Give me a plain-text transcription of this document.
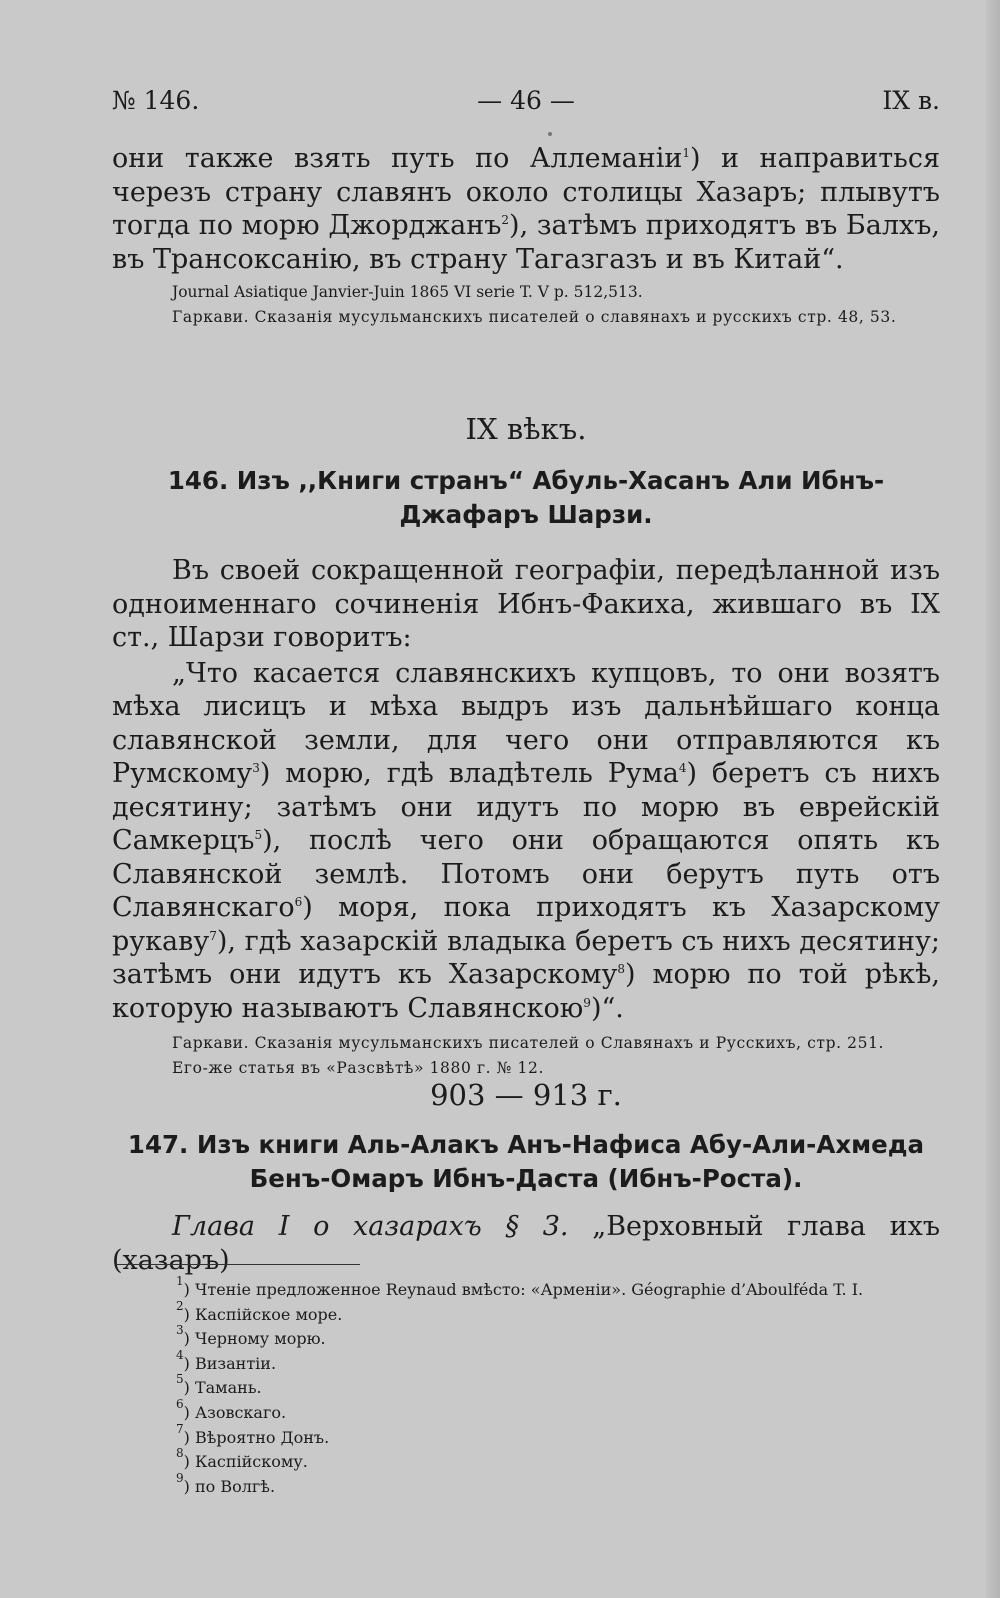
№ 146.	— 46 —	IX в.

они также взять путь по Аллеманіи$^1$) и направиться черезъ страну славянъ около столицы Хазаръ; плывутъ тогда по морю Джорджанъ$^2$), затѣмъ приходятъ въ Балхъ, въ Трансоксанію, въ страну Тагазгазъ и въ Китай“.

Journal Asiatique Janvier-Juin 1865 VI serie T. V p. 512,513.

Гаркави. Сказанія мусульманскихъ писателей о славянахъ и русскихъ стр. 48, 53.

IX вѣкъ.
146. Изъ ,,Книги странъ“ Абуль-Хасанъ Али Ибнъ-Джафаръ Шарзи.

Въ своей сокращенной географіи, передѣланной изъ одноименнаго сочиненія Ибнъ-Факиха, жившаго въ IX ст., Шарзи говоритъ:

„Что касается славянскихъ купцовъ, то они возятъ мѣха лисицъ и мѣха выдръ изъ дальнѣйшаго конца славянской земли, для чего они отправляются къ Румскому$^3$) морю, гдѣ владѣтель Рума$^4$) беретъ съ нихъ десятину; затѣмъ они идутъ по морю въ еврейскій Самкерцъ$^5$), послѣ чего они обращаются опять къ Славянской землѣ. Потомъ они берутъ путь отъ Славянскаго$^6$) моря, пока приходятъ къ Хазарскому рукаву$^7$), гдѣ хазарскій владыка беретъ съ нихъ десятину; затѣмъ они идутъ къ Хазарскому$^8$) морю по той рѣкѣ, которую называютъ Славянскою$^9$)“.

Гаркави. Сказанія мусульманскихъ писателей о Славянахъ и Русскихъ, стр. 251.

Его-же статья въ «Разсвѣтѣ» 1880 г. № 12.

903 — 913 г.
147. Изъ книги Аль-Алакъ Анъ-Нафиса Абу-Али-Ахмеда Бенъ-Омаръ Ибнъ-Даста (Ибнъ-Роста).

Глава I о хазарахъ § 3. „Верховный глава ихъ (хазаръ)

$^1$) Чтеніе предложенное Reynaud вмѣсто: «Арменіи». Géographie d’Aboulféda T. I.
$^2$) Каспійское море.
$^3$) Черному морю.
$^4$) Византіи.
$^5$) Тамань.
$^6$) Азовскаго.
$^7$) Вѣроятно Донъ.
$^8$) Каспійскому.
$^9$) по Волгѣ.
